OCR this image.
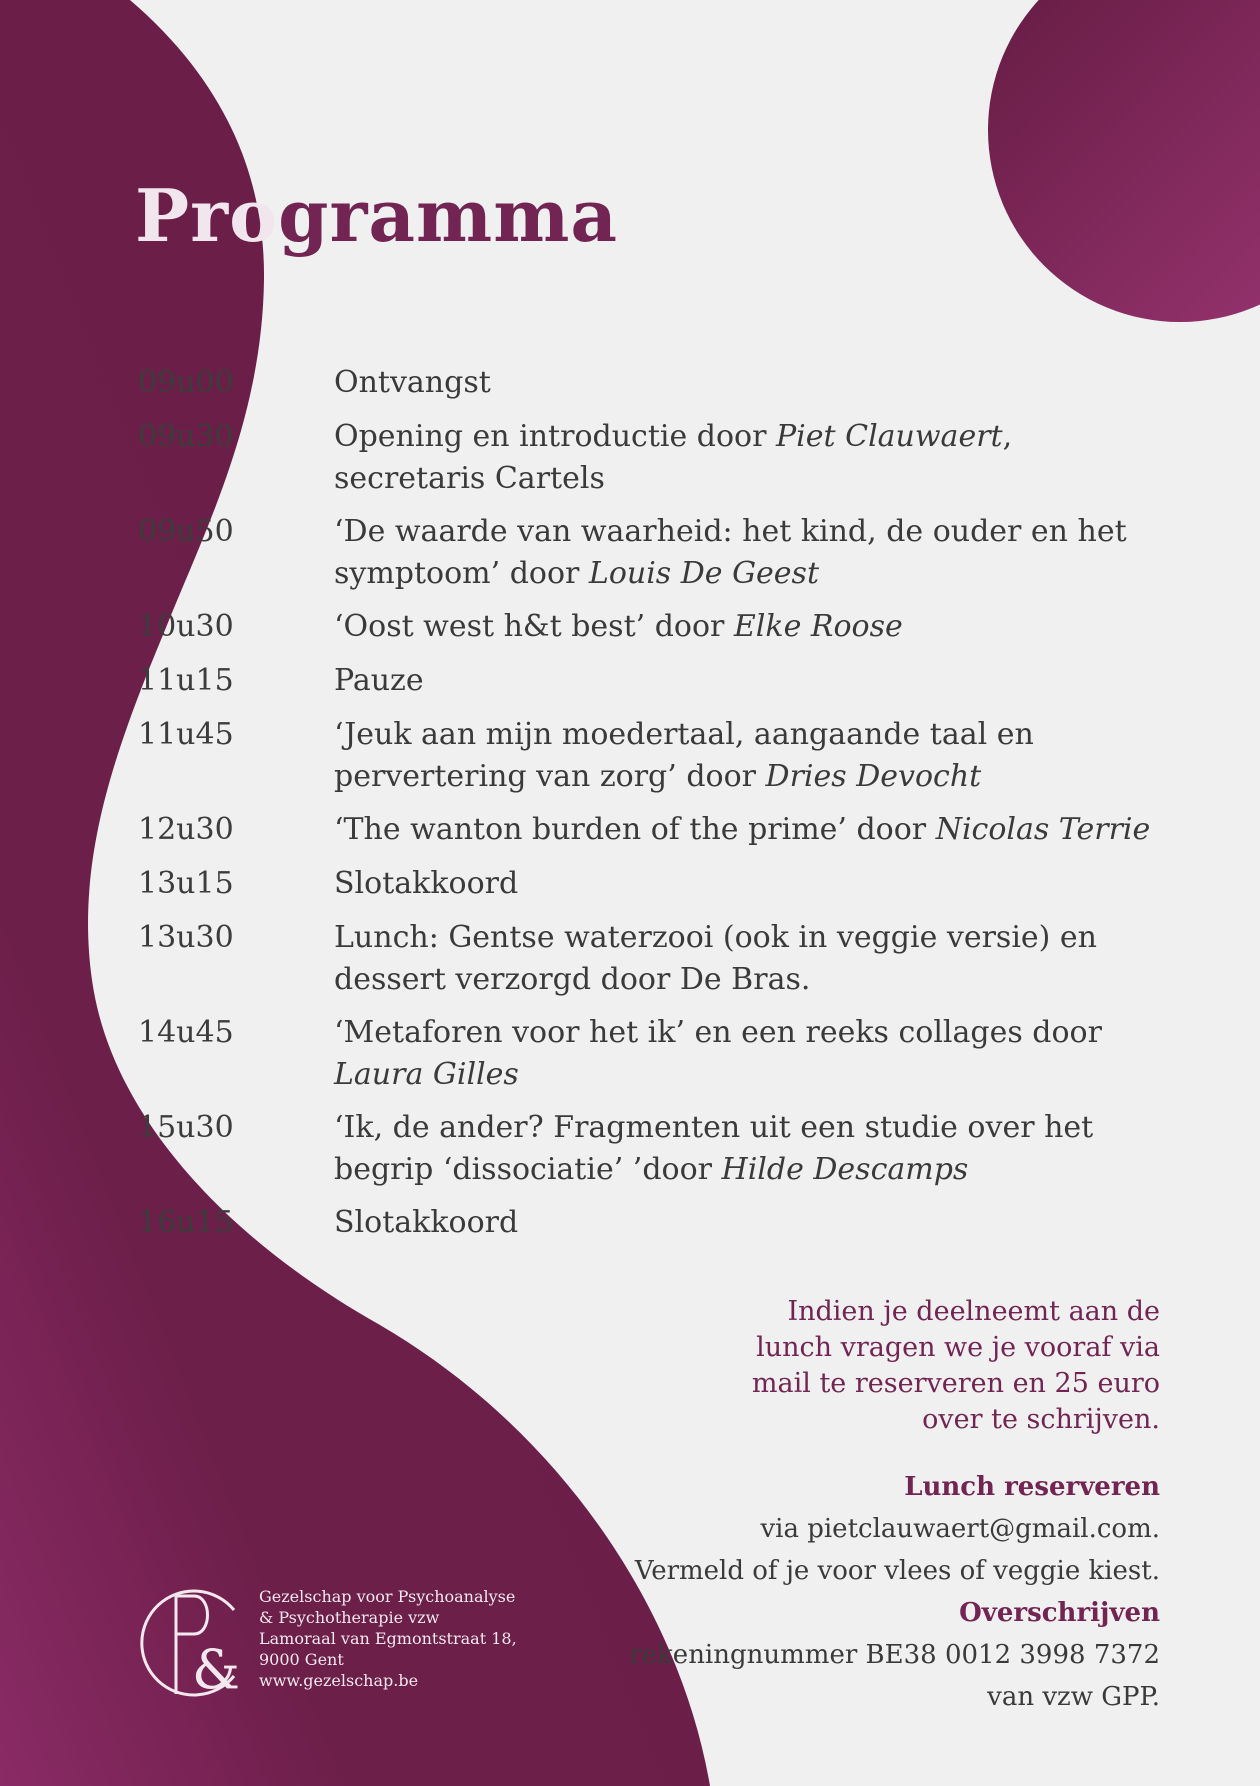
Programma
09u00	Ontvangst
09u30	Opening en introductie door Piet Clauwaert,
secretaris Cartels
09u50	‘De waarde van waarheid: het kind, de ouder en het
symptoom’ door Louis De Geest
10u30	‘Oost west h&t best’ door Elke Roose
11u15	Pauze
11u45	‘Jeuk aan mijn moedertaal, aangaande taal en
pervertering van zorg’ door Dries Devocht
12u30	‘The wanton burden of the prime’ door Nicolas Terrie
13u15	Slotakkoord
13u30	Lunch: Gentse waterzooi (ook in veggie versie) en
dessert verzorgd door De Bras.
14u45	‘Metaforen voor het ik’ en een reeks collages door
Laura Gilles
15u30	‘Ik, de ander? Fragmenten uit een studie over het
begrip ‘dissociatie’ ’door Hilde Descamps
16u15	Slotakkoord
Indien je deelneemt aan de
lunch vragen we je vooraf via
mail te reserveren en 25 euro
over te schrijven.
Lunch reserveren
via pietclauwaert@gmail.com.
Vermeld of je voor vlees of veggie kiest.
Overschrijven
rekeningnummer BE38 0012 3998 7372
van vzw GPP.
&
Gezelschap voor Psychoanalyse
& Psychotherapie vzw
Lamoraal van Egmontstraat 18,
9000 Gent
www.gezelschap.be
